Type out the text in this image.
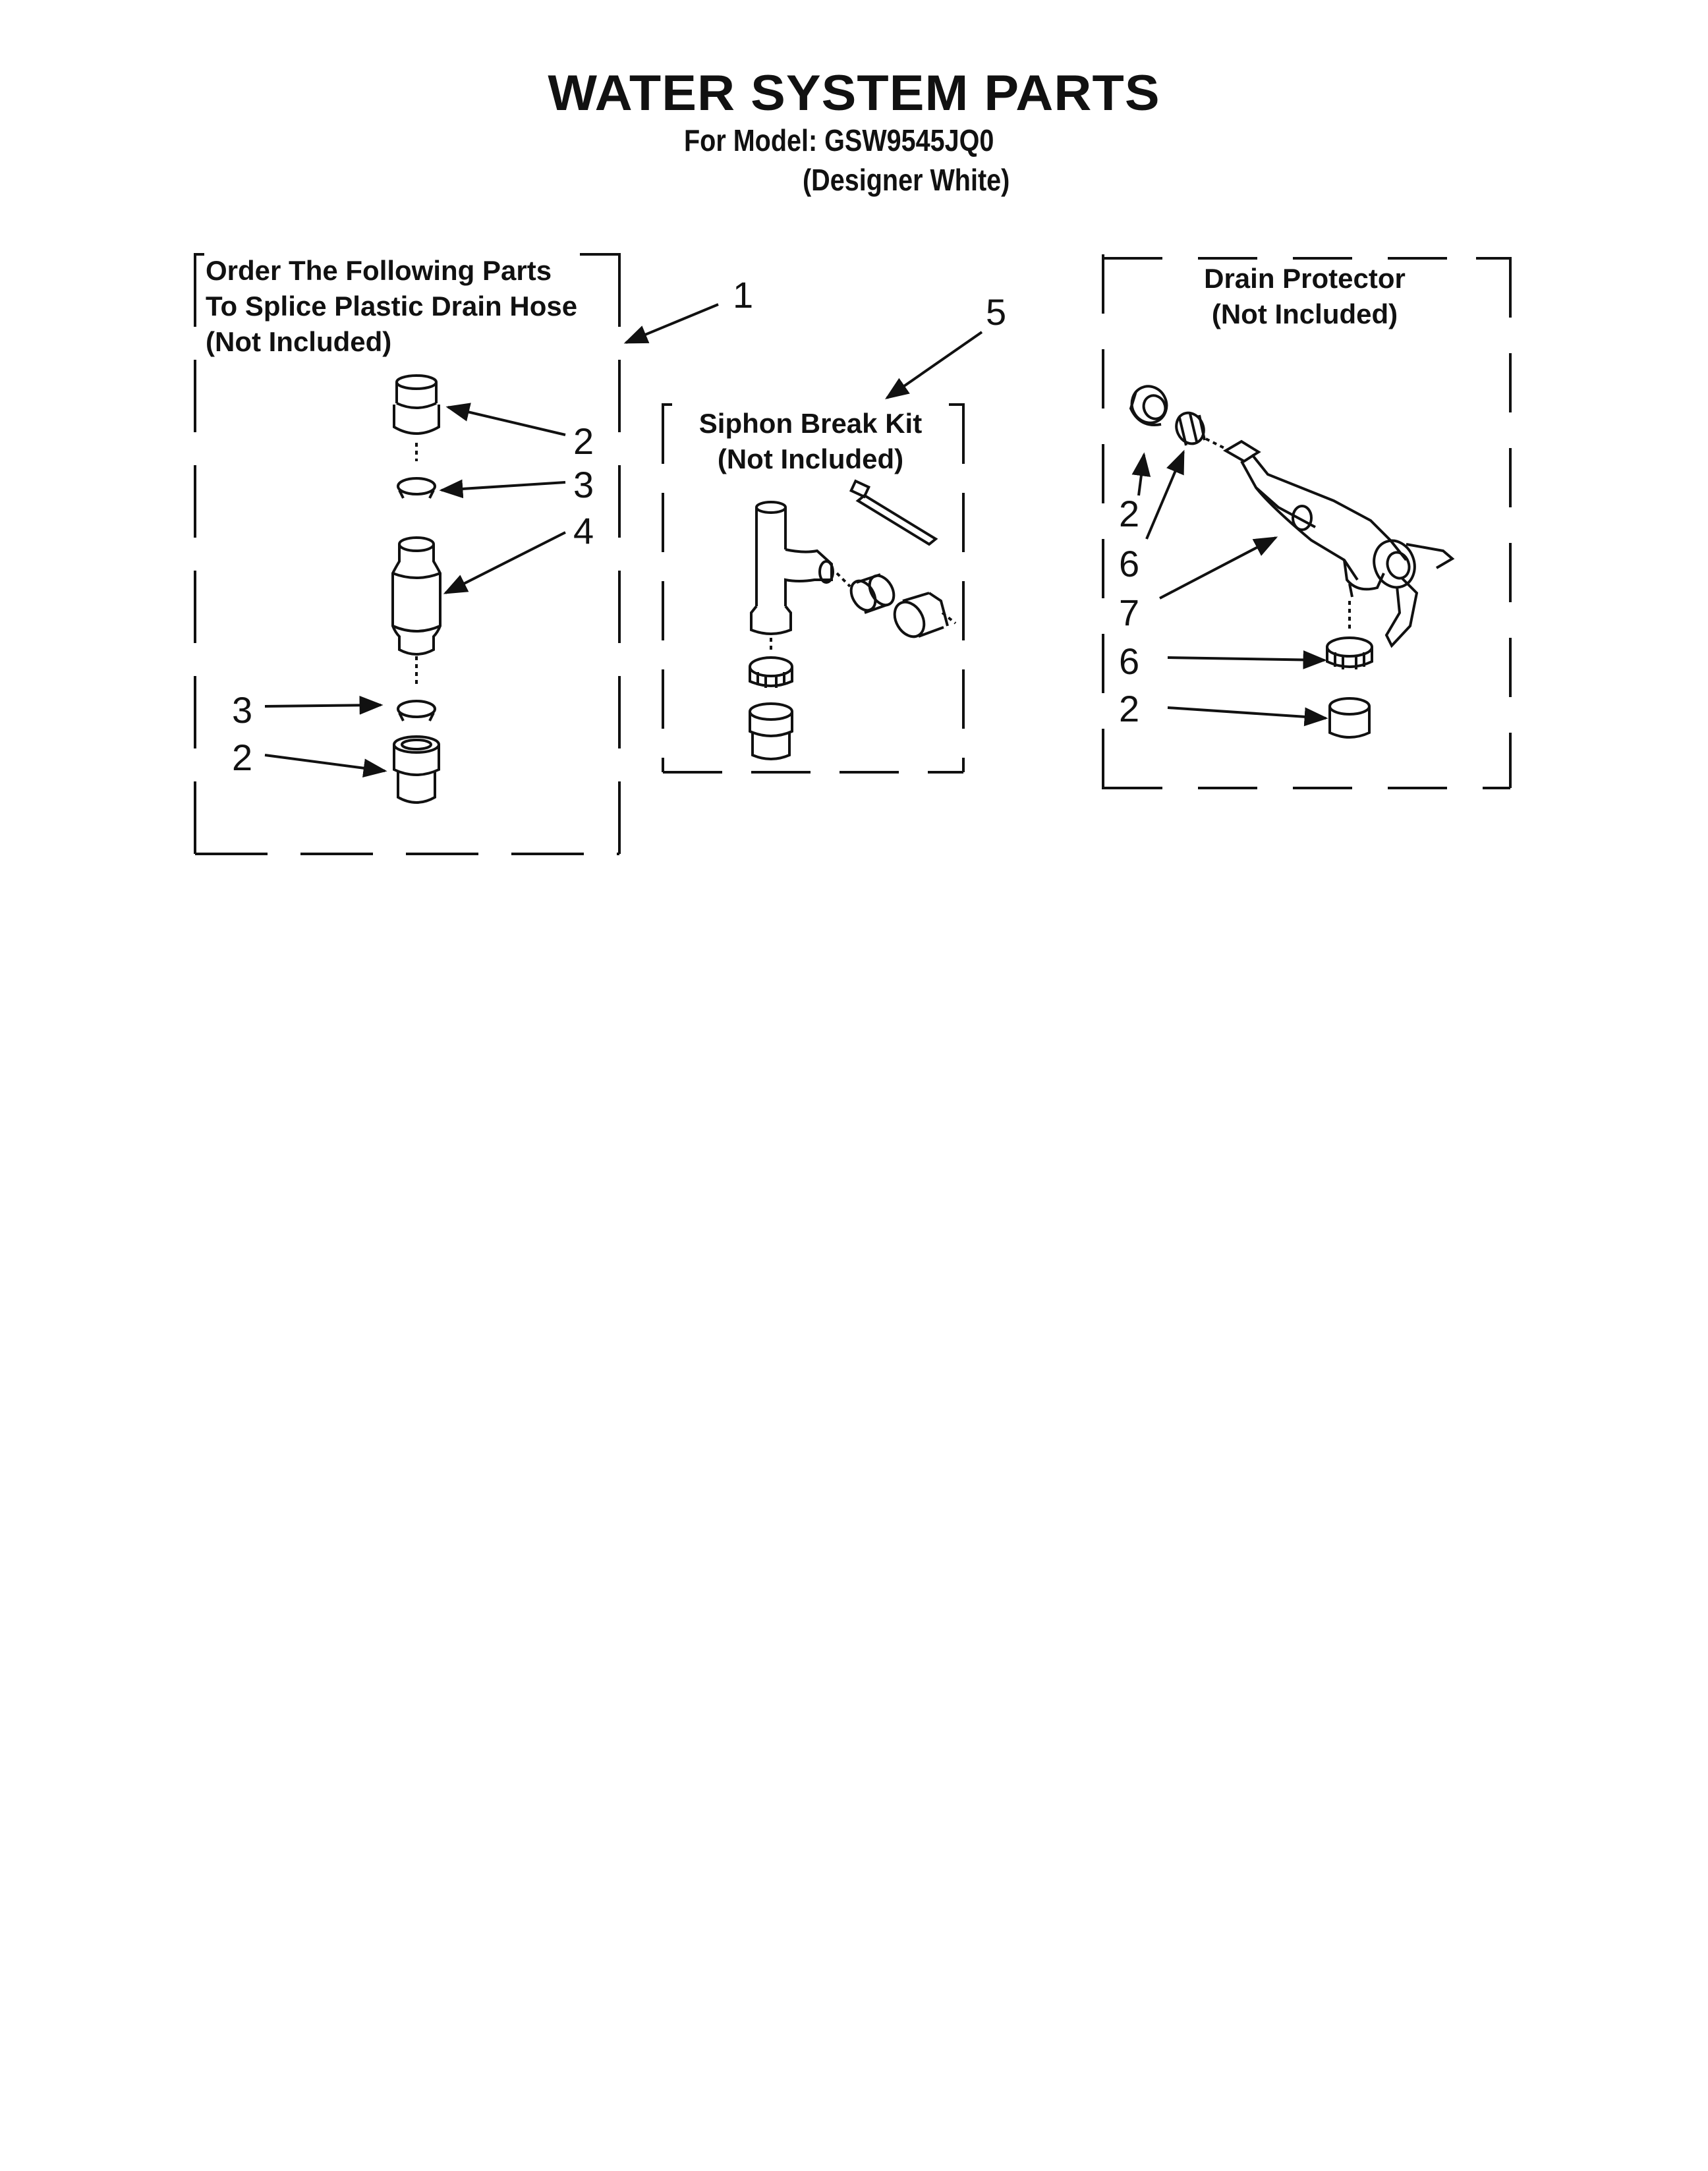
WATER SYSTEM PARTS
For Model: GSW9545JQ0
(Designer White)
Order The Following Parts
To Splice Plastic Drain Hose
(Not Included)
Siphon Break Kit
(Not Included)
Drain Protector
(Not Included)
1
2
3
4
3
2
5
2
6
7
6
2
